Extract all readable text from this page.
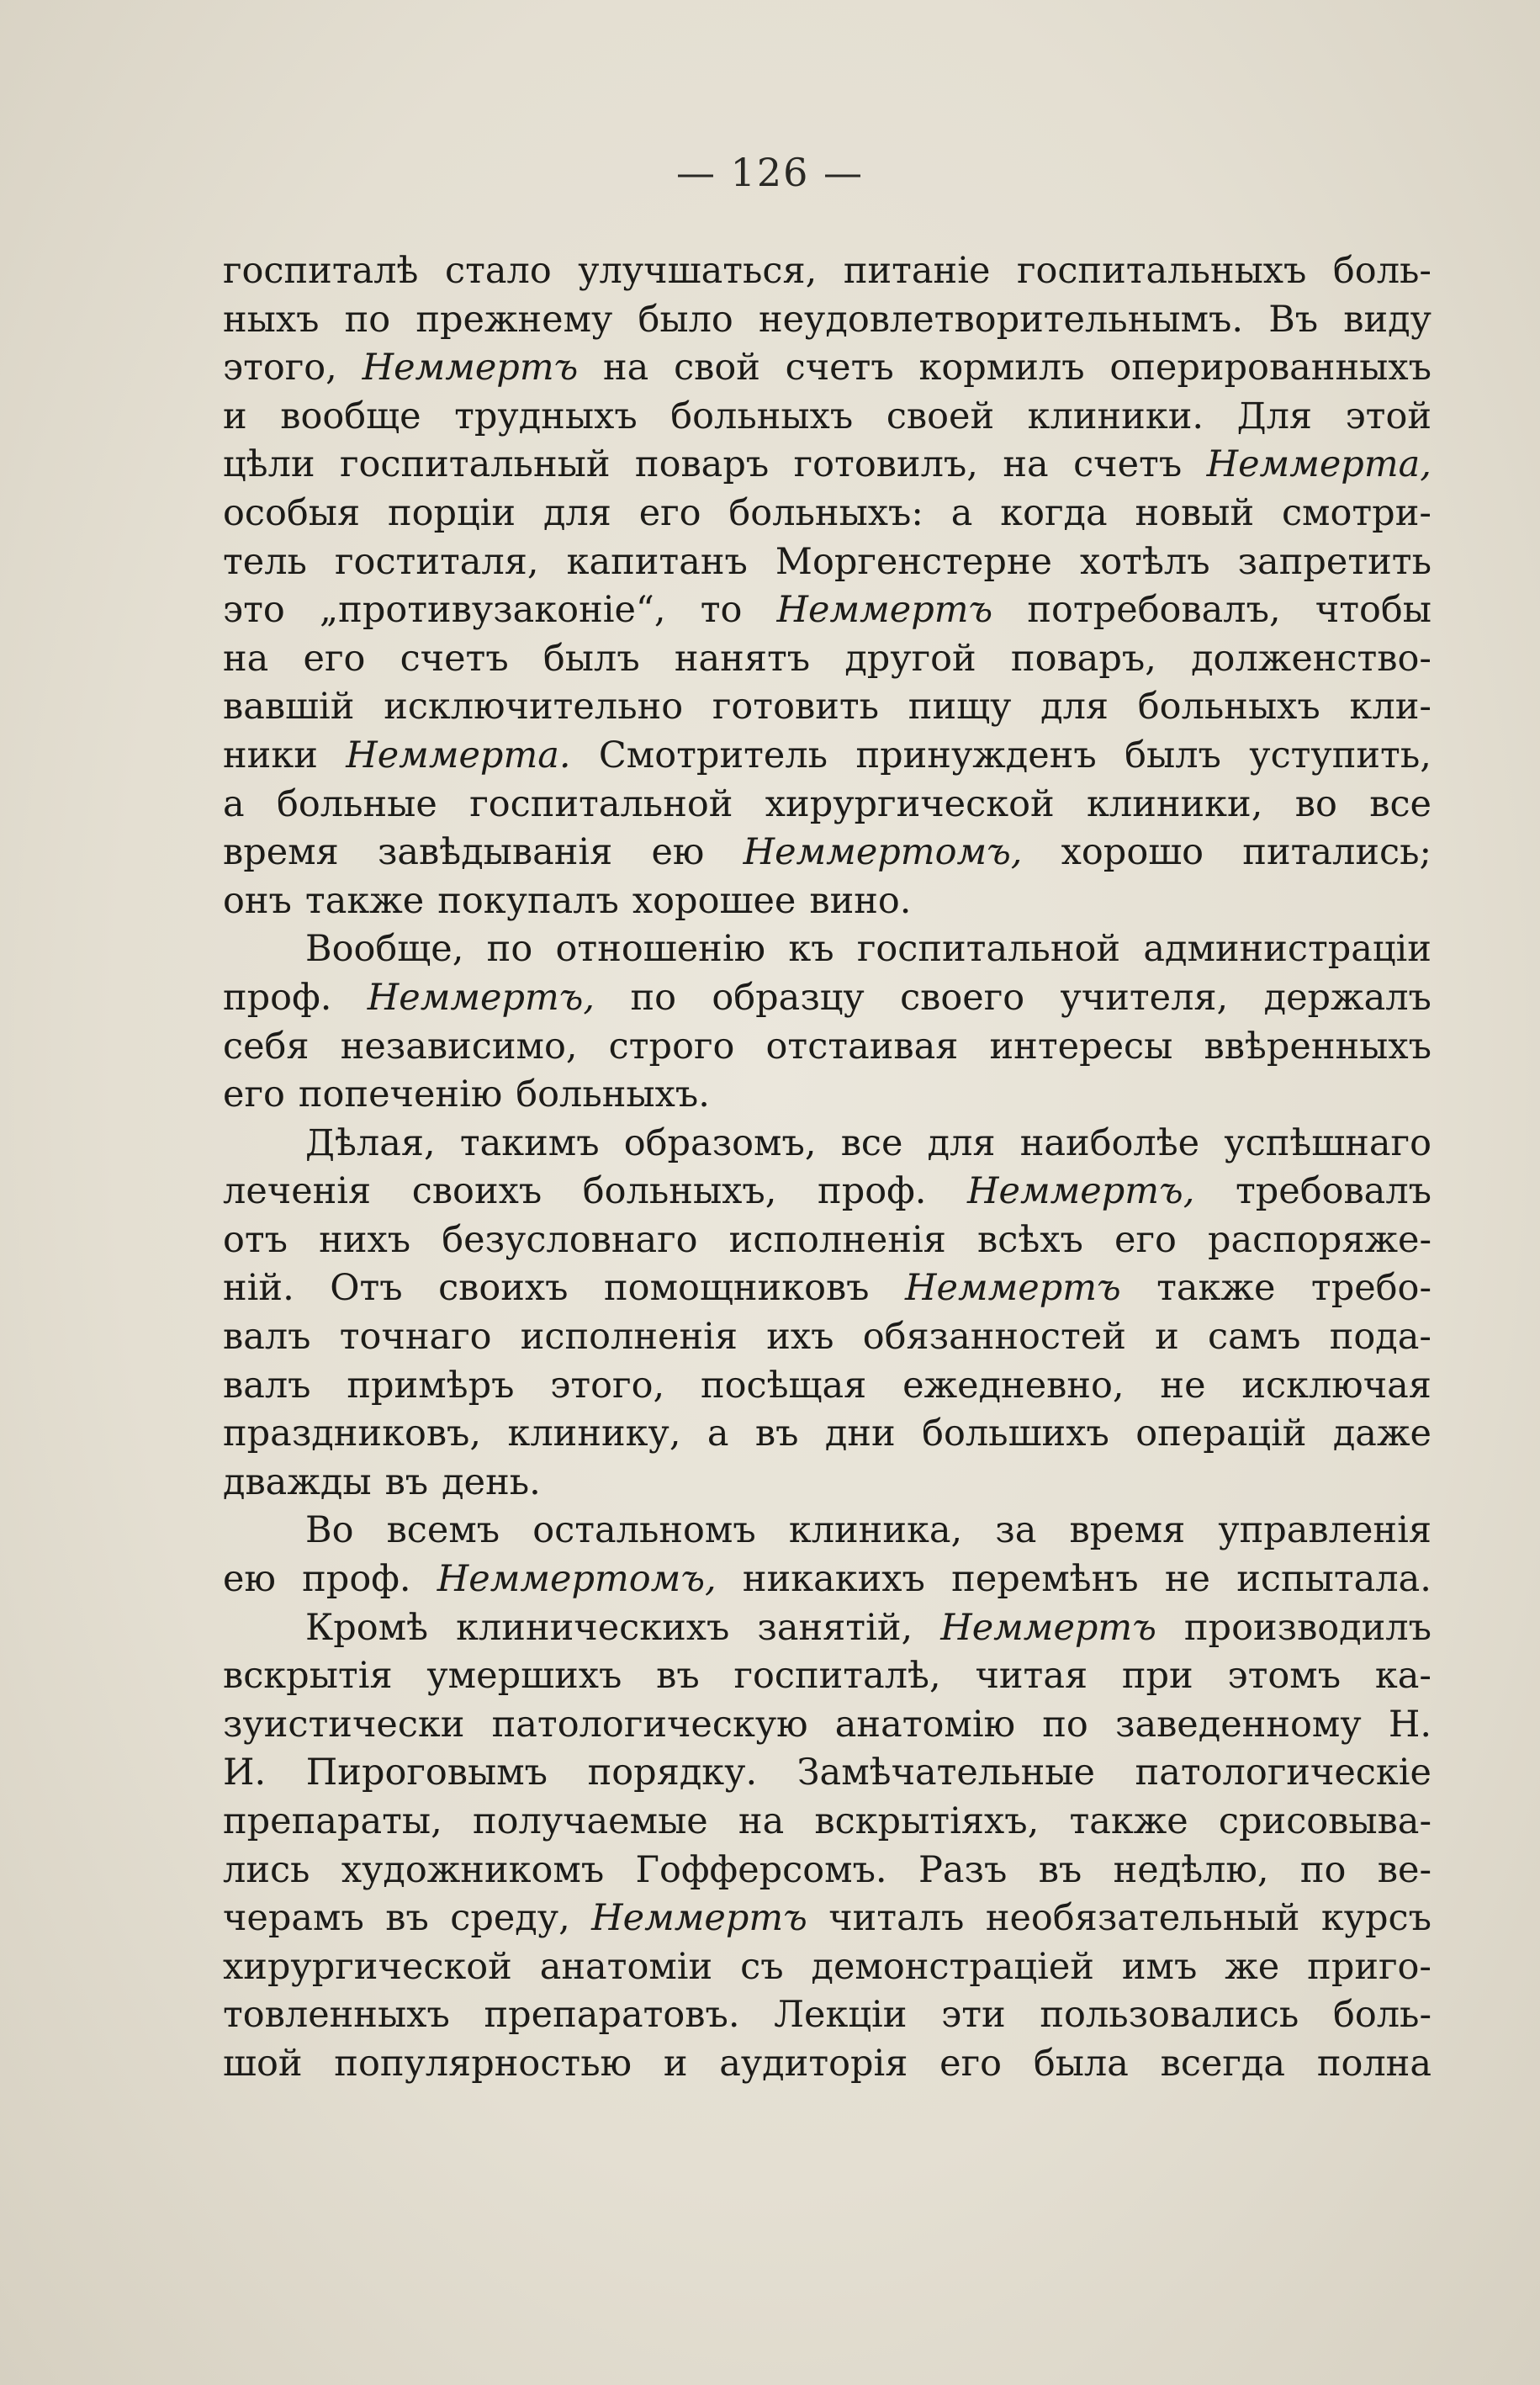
— 126 —
госпиталѣ стало улучшаться, питаніе госпитальныхъ боль-
ныхъ по прежнему было неудовлетворительнымъ. Въ виду
этого, Неммертъ на свой счетъ кормилъ оперированныхъ
и вообще трудныхъ больныхъ своей клиники. Для этой
цѣли госпитальный поваръ готовилъ, на счетъ Неммерта,
особыя порціи для его больныхъ: а когда новый смотри-
тель гоститаля, капитанъ Моргенстерне хотѣлъ запретить
это „противузаконіе“, то Неммертъ потребовалъ, чтобы
на его счетъ былъ нанятъ другой поваръ, долженство-
вавшій исключительно готовить пищу для больныхъ кли-
ники Неммерта. Смотритель принужденъ былъ уступить,
а больные госпитальной хирургической клиники, во все
время завѣдыванія ею Неммертомъ, хорошо питались;
онъ также покупалъ хорошее вино.
Вообще, по отношенію къ госпитальной администраціи
проф. Неммертъ, по образцу своего учителя, держалъ
себя независимо, строго отстаивая интересы ввѣренныхъ
его попеченію больныхъ.
Дѣлая, такимъ образомъ, все для наиболѣе успѣшнаго
леченія своихъ больныхъ, проф. Неммертъ, требовалъ
отъ нихъ безусловнаго исполненія всѣхъ его распоряже-
ній. Отъ своихъ помощниковъ Неммертъ также требо-
валъ точнаго исполненія ихъ обязанностей и самъ пода-
валъ примѣръ этого, посѣщая ежедневно, не исключая
праздниковъ, клинику, а въ дни большихъ операцій даже
дважды въ день.
Во всемъ остальномъ клиника, за время управленія
ею проф. Неммертомъ, никакихъ перемѣнъ не испытала.
Кромѣ клиническихъ занятій, Неммертъ производилъ
вскрытія умершихъ въ госпиталѣ, читая при этомъ ка-
зуистически патологическую анатомію по заведенному Н.
И. Пироговымъ порядку. Замѣчательные патологическіе
препараты, получаемые на вскрытіяхъ, также срисовыва-
лись художникомъ Гофферсомъ. Разъ въ недѣлю, по ве-
черамъ въ среду, Неммертъ читалъ необязательный курсъ
хирургической анатоміи съ демонстраціей имъ же приго-
товленныхъ препаратовъ. Лекціи эти пользовались боль-
шой популярностью и аудиторія его была всегда полна
